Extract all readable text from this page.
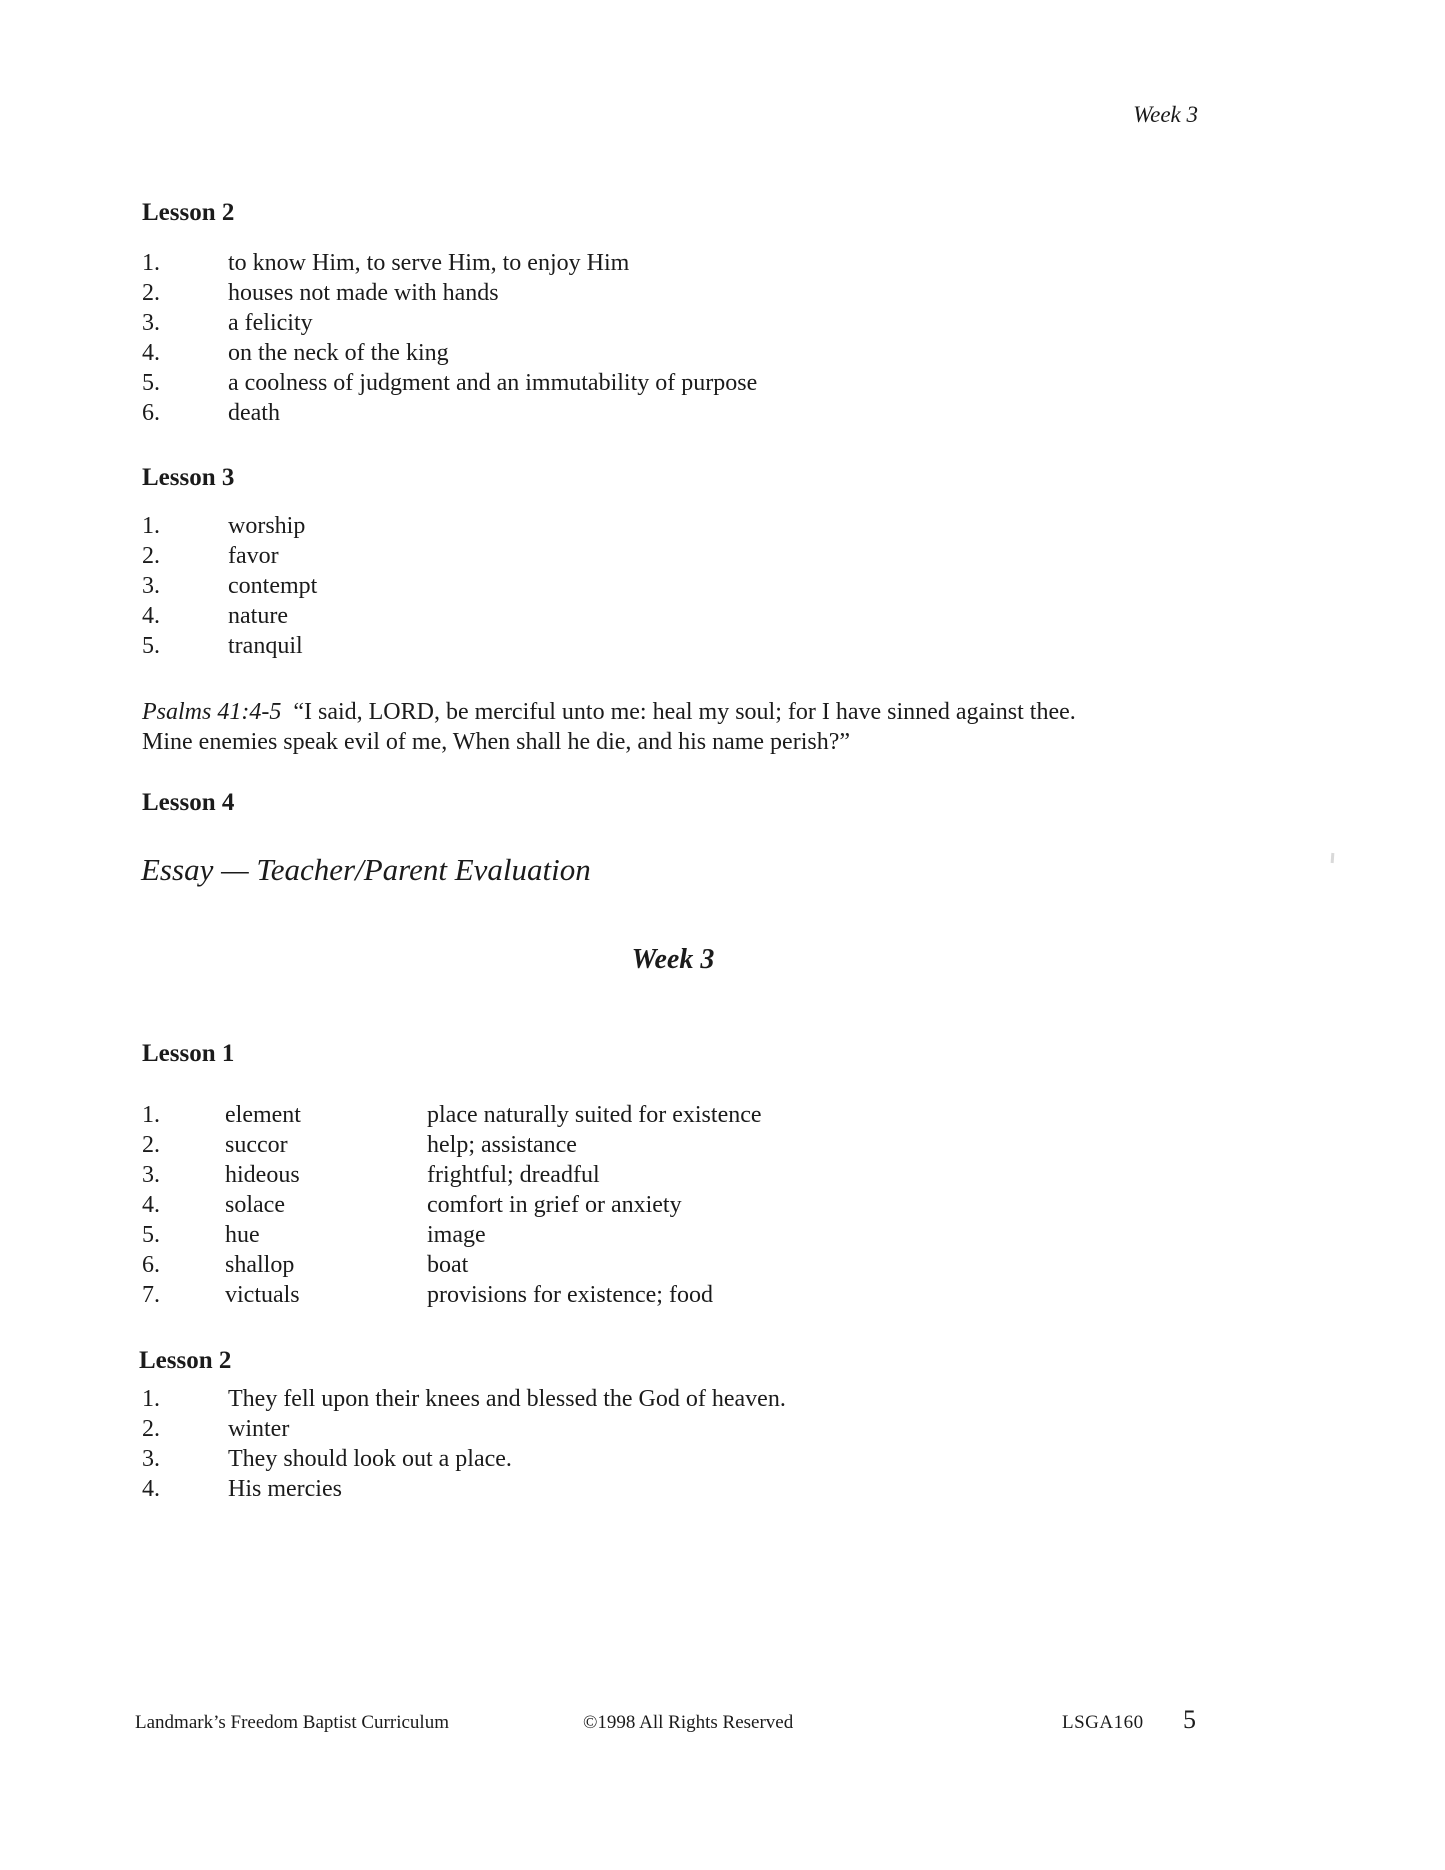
Week 3
Lesson 2
1.	to know Him, to serve Him, to enjoy Him
2.	houses not made with hands
3.	a felicity
4.	on the neck of the king
5.	a coolness of judgment and an immutability of purpose
6.	death
Lesson 3
1.	worship
2.	favor
3.	contempt
4.	nature
5.	tranquil
Psalms 41:4-5 “I said, LORD, be merciful unto me: heal my soul; for I have sinned against thee.
Mine enemies speak evil of me, When shall he die, and his name perish?”
Lesson 4
Essay — Teacher/Parent Evaluation
Week 3
Lesson 1
1.	element	place naturally suited for existence
2.	succor	help; assistance
3.	hideous	frightful; dreadful
4.	solace	comfort in grief or anxiety
5.	hue	image
6.	shallop	boat
7.	victuals	provisions for existence; food
Lesson 2
1.	They fell upon their knees and blessed the God of heaven.
2.	winter
3.	They should look out a place.
4.	His mercies
Landmark’s Freedom Baptist Curriculum	©1998 All Rights Reserved	LSGA160 5
